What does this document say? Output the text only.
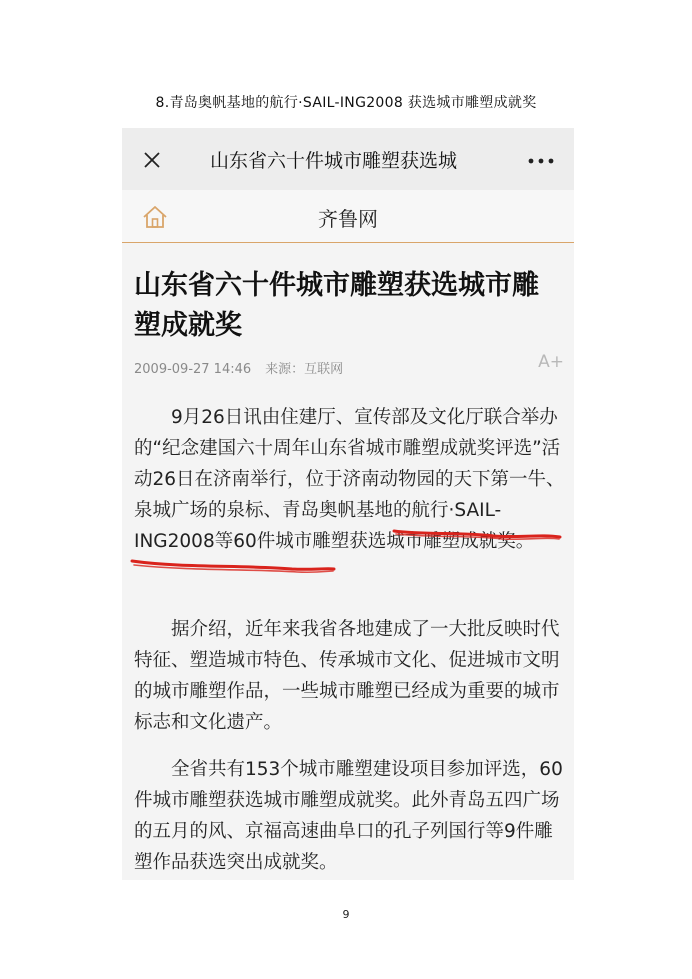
8.青岛奥帆基地的航行·SAIL-ING2008 获选城市雕塑成就奖
山东省六十件城市雕塑获选城
齐鲁网
山东省六十件城市雕塑获选城市雕塑成就奖
2009-09-27 14:46 来源：互联网	A+
9月26日讯由住建厅、宣传部及文化厅联合举办的“纪念建国六十周年山东省城市雕塑成就奖评选”活动26日在济南举行，位于济南动物园的天下第一牛、泉城广场的泉标、青岛奥帆基地的航行·SAIL-ING2008等60件城市雕塑获选城市雕塑成就奖。
据介绍，近年来我省各地建成了一大批反映时代特征、塑造城市特色、传承城市文化、促进城市文明的城市雕塑作品，一些城市雕塑已经成为重要的城市标志和文化遗产。
全省共有153个城市雕塑建设项目参加评选，60件城市雕塑获选城市雕塑成就奖。此外青岛五四广场的五月的风、京福高速曲阜口的孔子列国行等9件雕塑作品获选突出成就奖。
9
